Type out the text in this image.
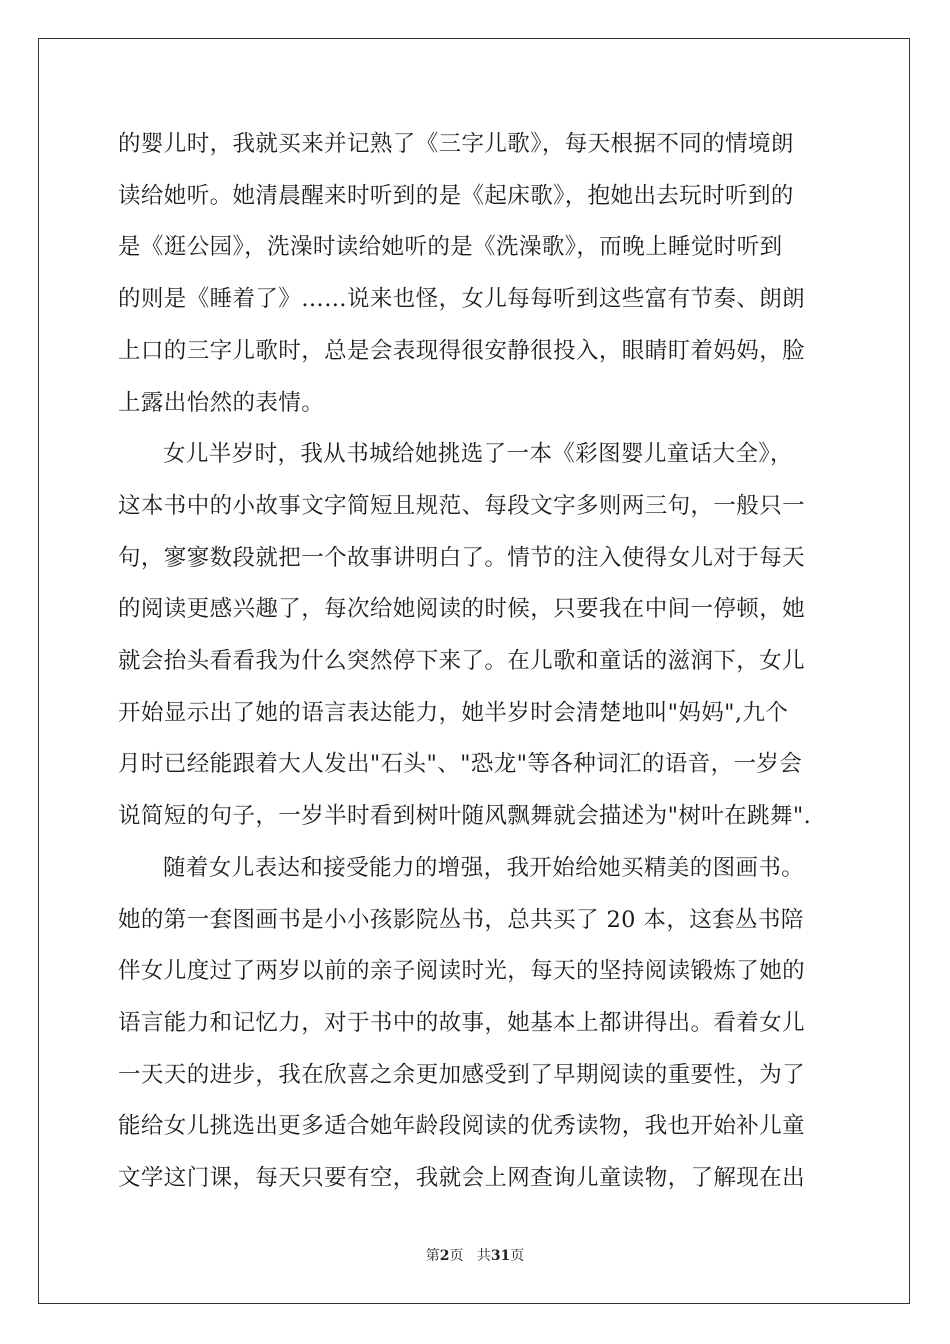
的婴儿时，我就买来并记熟了《三字儿歌》，每天根据不同的情境朗
读给她听。她清晨醒来时听到的是《起床歌》，抱她出去玩时听到的
是《逛公园》，洗澡时读给她听的是《洗澡歌》，而晚上睡觉时听到
的则是《睡着了》……说来也怪，女儿每每听到这些富有节奏、朗朗
上口的三字儿歌时，总是会表现得很安静很投入，眼睛盯着妈妈，脸
上露出怡然的表情。
女儿半岁时，我从书城给她挑选了一本《彩图婴儿童话大全》，
这本书中的小故事文字简短且规范、每段文字多则两三句，一般只一
句，寥寥数段就把一个故事讲明白了。情节的注入使得女儿对于每天
的阅读更感兴趣了，每次给她阅读的时候，只要我在中间一停顿，她
就会抬头看看我为什么突然停下来了。在儿歌和童话的滋润下，女儿
开始显示出了她的语言表达能力，她半岁时会清楚地叫"妈妈",九个
月时已经能跟着大人发出"石头"、"恐龙"等各种词汇的语音，一岁会
说简短的句子，一岁半时看到树叶随风飘舞就会描述为"树叶在跳舞".
随着女儿表达和接受能力的增强，我开始给她买精美的图画书。
她的第一套图画书是小小孩影院丛书，总共买了 20 本，这套丛书陪
伴女儿度过了两岁以前的亲子阅读时光，每天的坚持阅读锻炼了她的
语言能力和记忆力，对于书中的故事，她基本上都讲得出。看着女儿
一天天的进步，我在欣喜之余更加感受到了早期阅读的重要性，为了
能给女儿挑选出更多适合她年龄段阅读的优秀读物，我也开始补儿童
文学这门课，每天只要有空，我就会上网查询儿童读物，了解现在出
第2页 共31页
